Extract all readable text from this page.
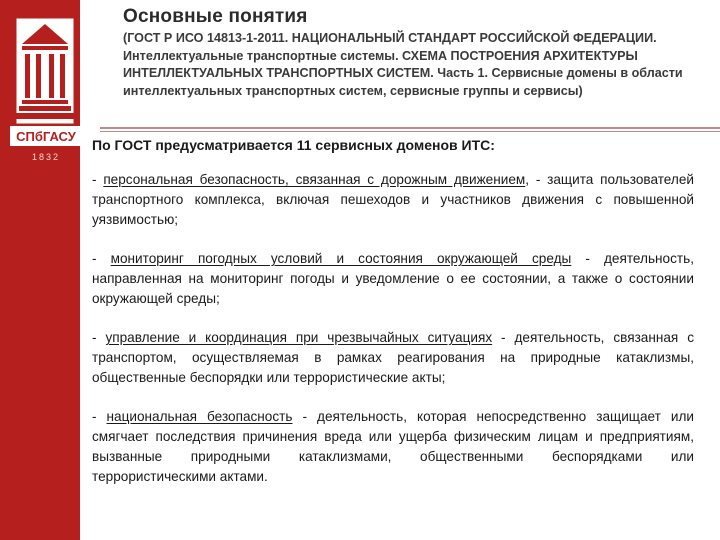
СПбГАСУ
1832
Основные понятия
(ГОСТ Р ИСО 14813-1-2011. НАЦИОНАЛЬНЫЙ СТАНДАРТ РОССИЙСКОЙ ФЕДЕРАЦИИ. Интеллектуальные транспортные системы. СХЕМА ПОСТРОЕНИЯ АРХИТЕКТУРЫ ИНТЕЛЛЕКТУАЛЬНЫХ ТРАНСПОРТНЫХ СИСТЕМ. Часть 1. Сервисные домены в области интеллектуальных транспортных систем, сервисные группы и сервисы)

По ГОСТ предусматривается 11 сервисных доменов ИТС:

- персональная безопасность, связанная с дорожным движением, - защита пользователей транспортного комплекса, включая пешеходов и участников движения с повышенной уязвимостью;

- мониторинг погодных условий и состояния окружающей среды - деятельность, направленная на мониторинг погоды и уведомление о ее состоянии, а также о состоянии окружающей среды;

- управление и координация при чрезвычайных ситуациях - деятельность, связанная с транспортом, осуществляемая в рамках реагирования на природные катаклизмы, общественные беспорядки или террористические акты;

- национальная безопасность - деятельность, которая непосредственно защищает или смягчает последствия причинения вреда или ущерба физическим лицам и предприятиям, вызванные природными катаклизмами, общественными беспорядками или террористическими актами.
